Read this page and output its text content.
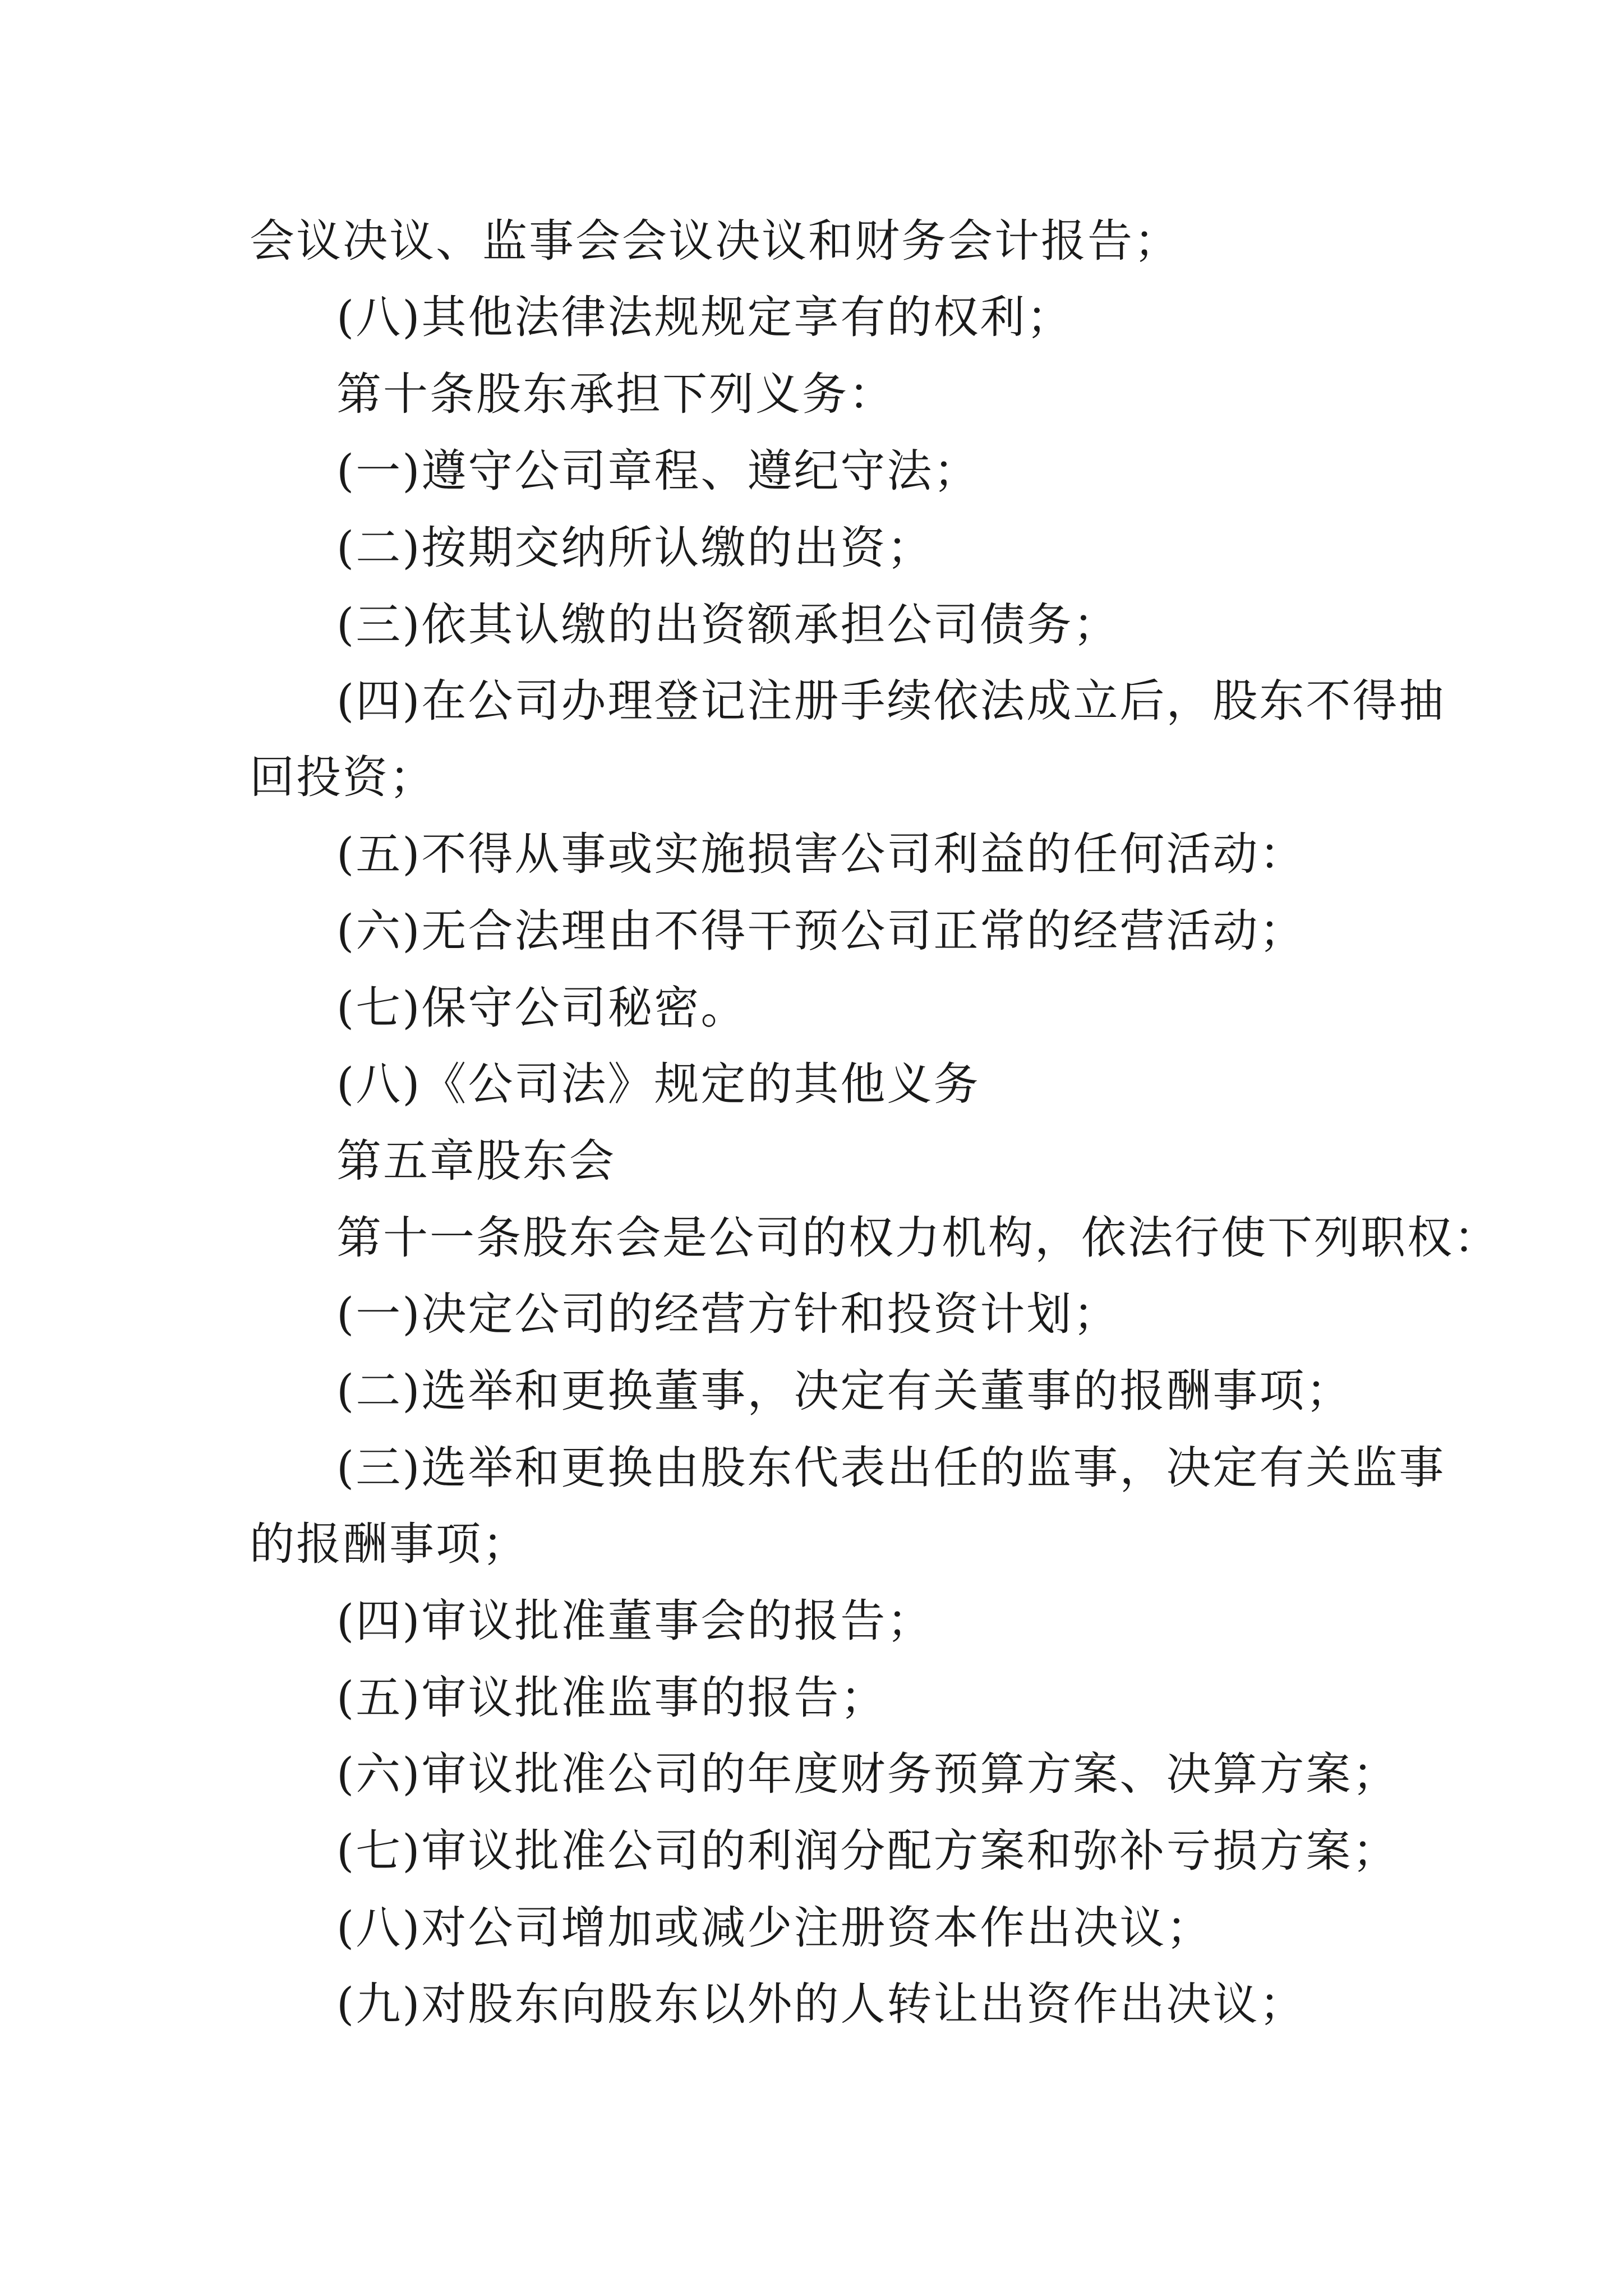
会议决议、监事会会议决议和财务会计报告；
(八)其他法律法规规定享有的权利；
第十条股东承担下列义务：
(一)遵守公司章程、遵纪守法；
(二)按期交纳所认缴的出资；
(三)依其认缴的出资额承担公司债务；
(四)在公司办理登记注册手续依法成立后，股东不得抽
回投资；
(五)不得从事或实施损害公司利益的任何活动：
(六)无合法理由不得干预公司正常的经营活动；
(七)保守公司秘密。
(八)《公司法》规定的其他义务
第五章股东会
第十一条股东会是公司的权力机构，依法行使下列职权：
(一)决定公司的经营方针和投资计划；
(二)选举和更换董事，决定有关董事的报酬事项；
(三)选举和更换由股东代表出任的监事，决定有关监事
的报酬事项；
(四)审议批准董事会的报告；
(五)审议批准监事的报告；
(六)审议批准公司的年度财务预算方案、决算方案；
(七)审议批准公司的利润分配方案和弥补亏损方案；
(八)对公司增加或减少注册资本作出决议；
(九)对股东向股东以外的人转让出资作出决议；
